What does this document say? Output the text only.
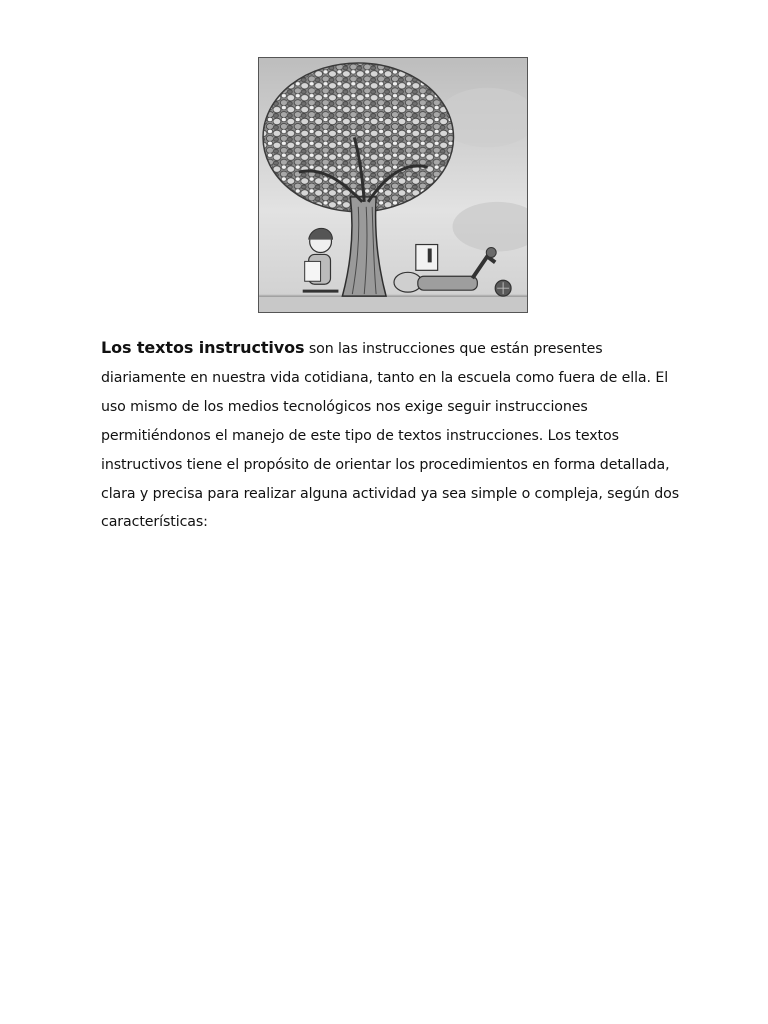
Los textos instructivos son las instrucciones que están presentes diariamente en nuestra vida cotidiana, tanto en la escuela como fuera de ella. El uso mismo de los medios tecnológicos nos exige seguir instrucciones permitiéndonos el manejo de este tipo de textos instrucciones. Los textos instructivos tiene el propósito de orientar los procedimientos en forma detallada, clara y precisa para realizar alguna actividad ya sea simple o compleja, según dos características:
